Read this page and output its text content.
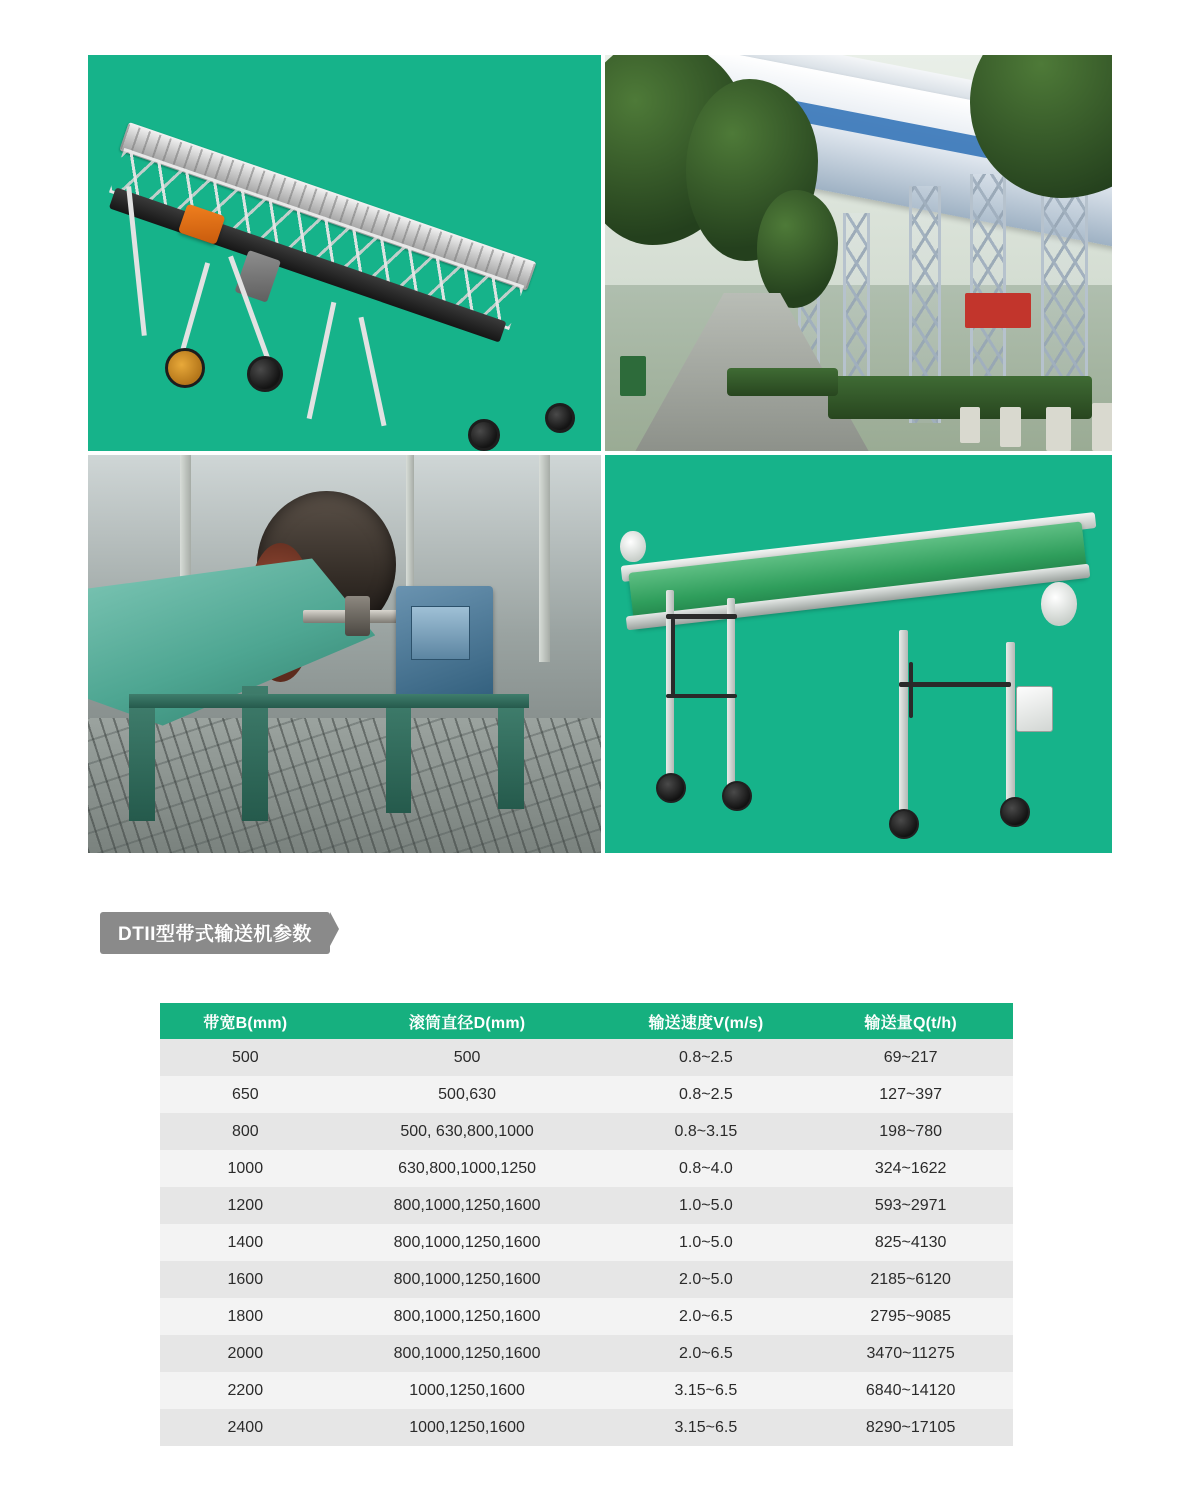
DTII型带式输送机参数
带宽B(mm)	滚筒直径D(mm)	输送速度V(m/s)	输送量Q(t/h)
500	500	0.8~2.5	69~217
650	500,630	0.8~2.5	127~397
800	500, 630,800,1000	0.8~3.15	198~780
1000	630,800,1000,1250	0.8~4.0	324~1622
1200	800,1000,1250,1600	1.0~5.0	593~2971
1400	800,1000,1250,1600	1.0~5.0	825~4130
1600	800,1000,1250,1600	2.0~5.0	2185~6120
1800	800,1000,1250,1600	2.0~6.5	2795~9085
2000	800,1000,1250,1600	2.0~6.5	3470~11275
2200	1000,1250,1600	3.15~6.5	6840~14120
2400	1000,1250,1600	3.15~6.5	8290~17105
